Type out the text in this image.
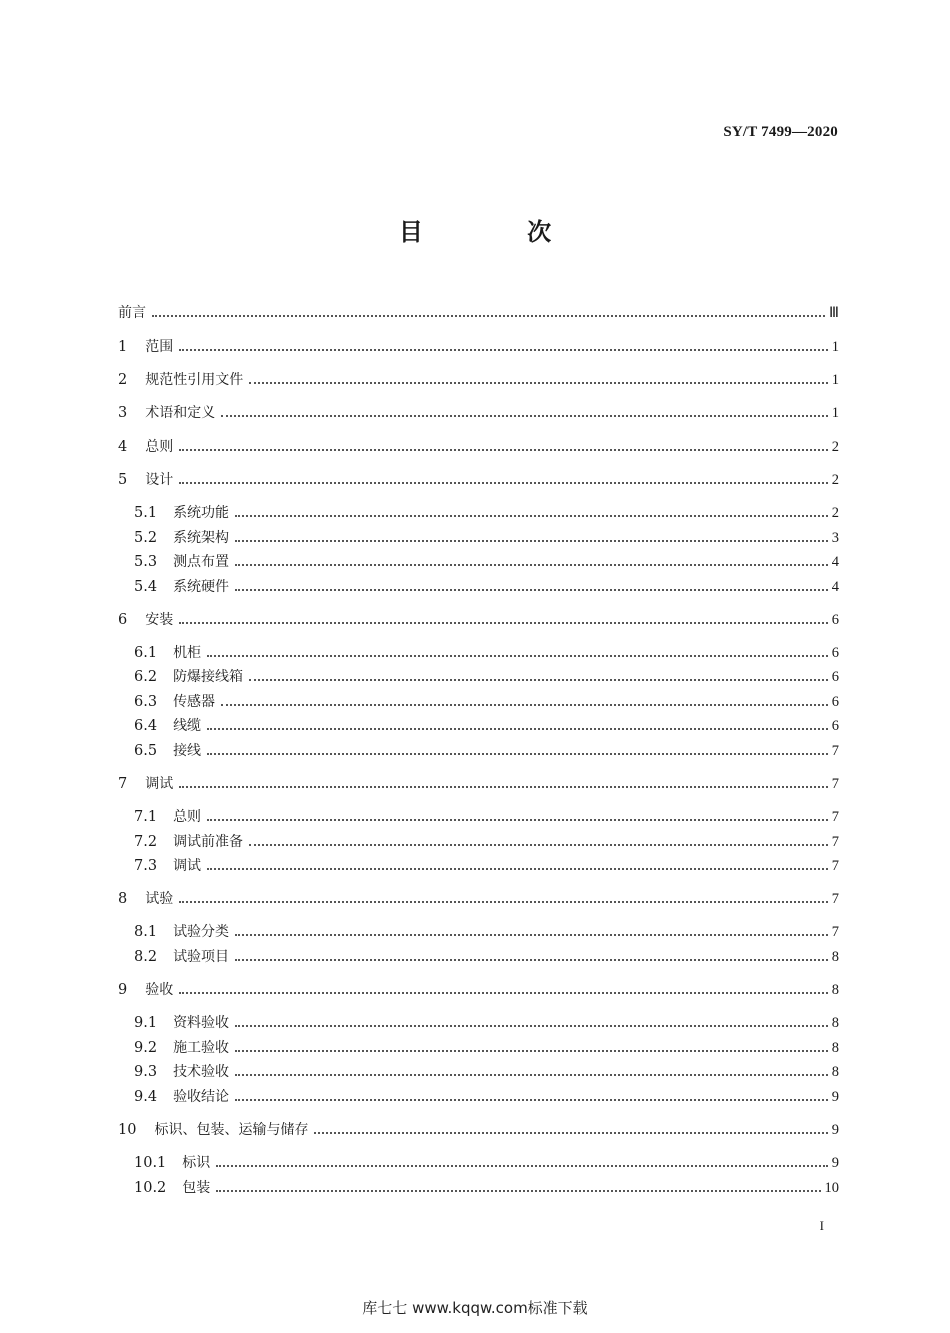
SY/T 7499—2020
目 次
前言	Ⅲ
1 范围	1
2 规范性引用文件	1
3 术语和定义	1
4 总则	2
5 设计	2
5.1 系统功能	2
5.2 系统架构	3
5.3 测点布置	4
5.4 系统硬件	4
6 安装	6
6.1 机柜	6
6.2 防爆接线箱	6
6.3 传感器	6
6.4 线缆	6
6.5 接线	7
7 调试	7
7.1 总则	7
7.2 调试前准备	7
7.3 调试	7
8 试验	7
8.1 试验分类	7
8.2 试验项目	8
9 验收	8
9.1 资料验收	8
9.2 施工验收	8
9.3 技术验收	8
9.4 验收结论	9
10 标识、包装、运输与储存	9
10.1 标识	9
10.2 包装	10
I
库七七 www.kqqw.com标准下载
